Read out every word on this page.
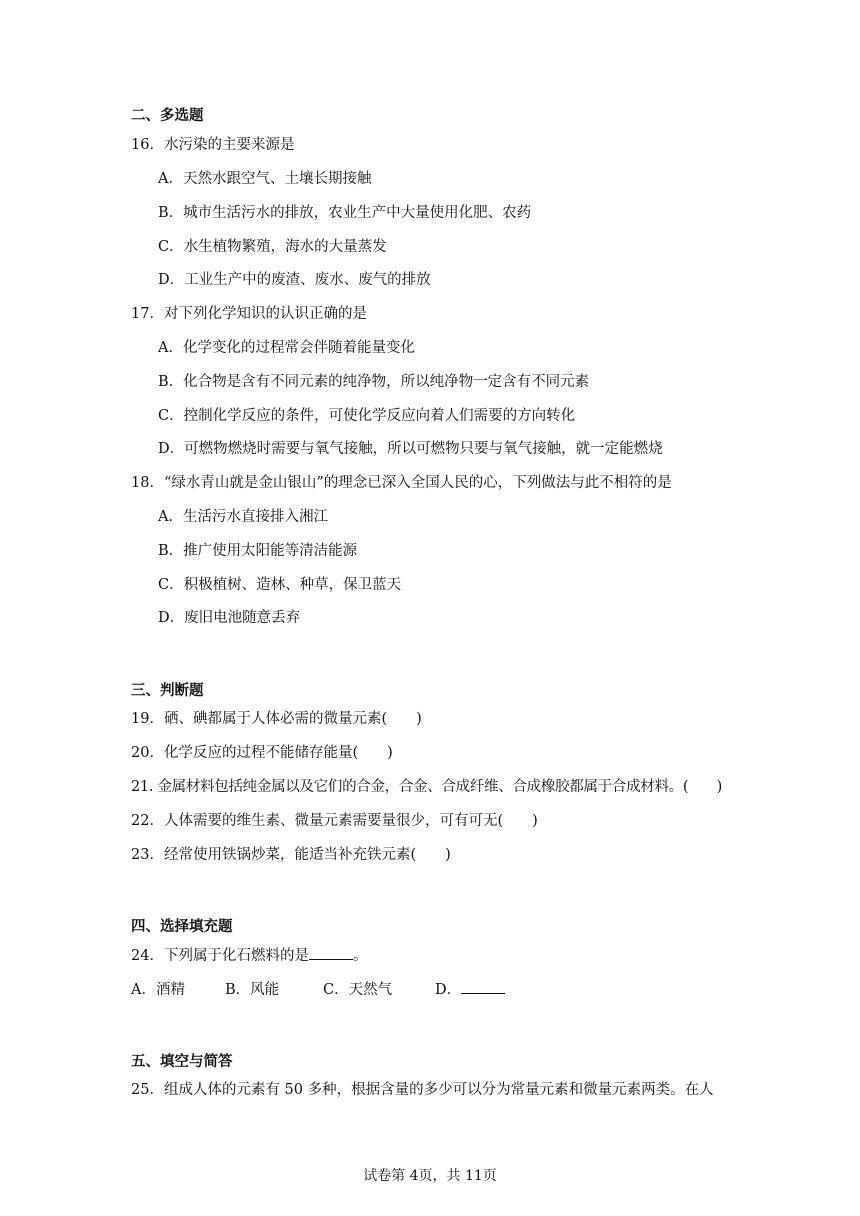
二、多选题
16．水污染的主要来源是
A．天然水跟空气、土壤长期接触
B．城市生活污水的排放，农业生产中大量使用化肥、农药
C．水生植物繁殖，海水的大量蒸发
D．工业生产中的废渣、废水、废气的排放
17．对下列化学知识的认识正确的是
A．化学变化的过程常会伴随着能量变化
B．化合物是含有不同元素的纯净物，所以纯净物一定含有不同元素
C．控制化学反应的条件，可使化学反应向着人们需要的方向转化
D．可燃物燃烧时需要与氧气接触，所以可燃物只要与氧气接触，就一定能燃烧
18．“绿水青山就是金山银山”的理念已深入全国人民的心，下列做法与此不相符的是
A．生活污水直接排入湘江
B．推广使用太阳能等清洁能源
C．积极植树、造林、种草，保卫蓝天
D．废旧电池随意丢弃
三、判断题
19．硒、碘都属于人体必需的微量元素(　　)
20．化学反应的过程不能储存能量(　　)
21. 金属材料包括纯金属以及它们的合金，合金、合成纤维、合成橡胶都属于合成材料。(　　)
22．人体需要的维生素、微量元素需要量很少，可有可无(　　)
23．经常使用铁锅炒菜，能适当补充铁元素(　　)
四、选择填充题
24．下列属于化石燃料的是	。
A．酒精	B．风能	C．天然气	D．
五、填空与简答
25．组成人体的元素有 50 多种，根据含量的多少可以分为常量元素和微量元素两类。在人
试卷第 4页，共 11页
